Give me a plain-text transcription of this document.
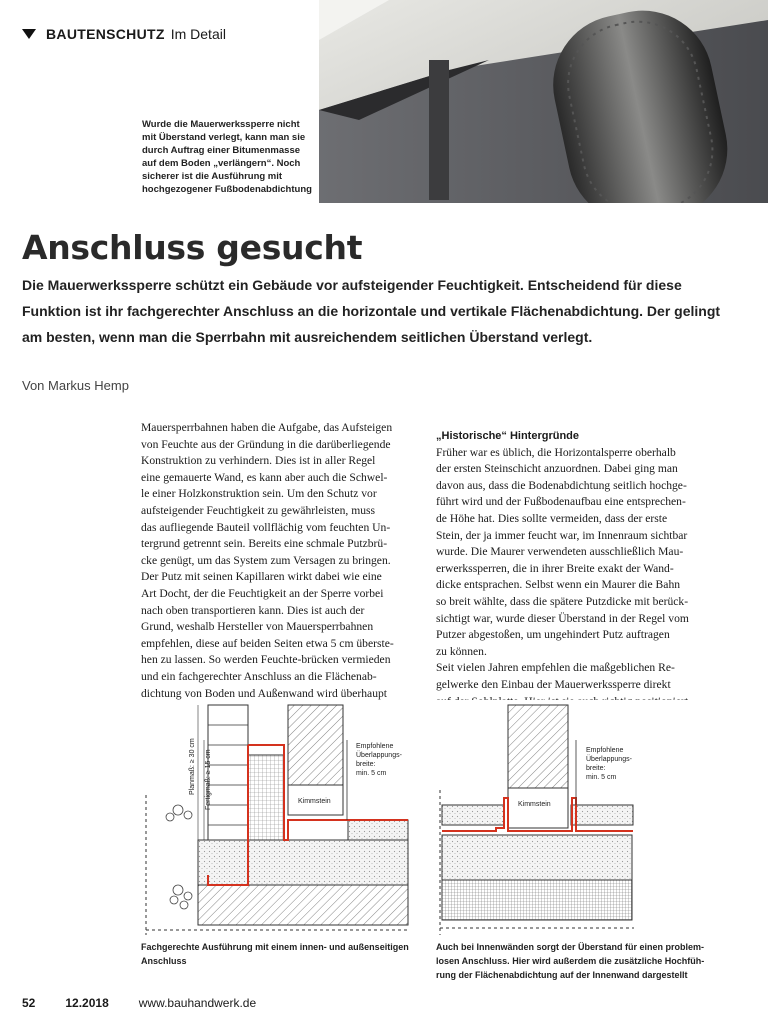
BAUTENSCHUTZ Im Detail
Wurde die Mauerwerkssperre nicht
mit Überstand verlegt, kann man sie
durch Auftrag einer Bitumenmasse
auf dem Boden „verlängern“. Noch
sicherer ist die Ausführung mit
hochgezogener Fußbodenabdichtung
Anschluss gesucht
Die Mauerwerkssperre schützt ein Gebäude vor aufsteigender Feuchtigkeit. Entscheidend für diese
Funktion ist ihr fachgerechter Anschluss an die horizontale und vertikale Flächenabdichtung. Der gelingt
am besten, wenn man die Sperrbahn mit ausreichendem seitlichen Überstand verlegt.
Von Markus Hemp
Mauersperrbahnen haben die Aufgabe, das Aufsteigen
von Feuchte aus der Gründung in die darüberliegende
Konstruktion zu verhindern. Dies ist in aller Regel
eine gemauerte Wand, es kann aber auch die Schwel-
le einer Holzkonstruktion sein. Um den Schutz vor
aufsteigender Feuchtigkeit zu gewährleisten, muss
das aufliegende Bauteil vollflächig vom feuchten Un-
tergrund getrennt sein. Bereits eine schmale Putzbrü-
cke genügt, um das System zum Versagen zu bringen.
Der Putz mit seinen Kapillaren wirkt dabei wie eine
Art Docht, der die Feuchtigkeit an der Sperre vorbei
nach oben transportieren kann. Dies ist auch der
Grund, weshalb Hersteller von Mauersperrbahnen
empfehlen, diese auf beiden Seiten etwa 5 cm überste-
hen zu lassen. So werden Feuchte-brücken vermieden
und ein fachgerechter Anschluss an die Flächenab-
dichtung von Boden und Außenwand wird überhaupt
„Historische“ Hintergründe
Früher war es üblich, die Horizontalsperre oberhalb
der ersten Steinschicht anzuordnen. Dabei ging man
davon aus, dass die Bodenabdichtung seitlich hochge-
führt wird und der Fußbodenaufbau eine entsprechen-
de Höhe hat. Dies sollte vermeiden, dass der erste
Stein, der ja immer feucht war, im Innenraum sichtbar
wurde. Die Maurer verwendeten ausschließlich Mau-
erwerkssperren, die in ihrer Breite exakt der Wand-
dicke entsprachen. Selbst wenn ein Maurer die Bahn
so breit wählte, dass die spätere Putzdicke mit berück-
sichtigt war, wurde dieser Überstand in der Regel vom
Putzer abgestoßen, um ungehindert Putz auftragen
zu können.
Seit vielen Jahren empfehlen die maßgeblichen Re-
gelwerke den Einbau der Mauerwerkssperre direkt
Kimmstein
Planmaß: ≥ 30 cm Fertigmaß: ≥ 15 cm
Empfohlene
Überlappungs-
breite:
min. 5 cm
Kimmstein
Empfohlene
Überlappungs-
breite:
min. 5 cm
Fachgerechte Ausführung mit einem innen- und außenseitigen
Anschluss
Auch bei Innenwänden sorgt der Überstand für einen problem-
losen Anschluss. Hier wird außerdem die zusätzliche Hochfüh-
rung der Flächenabdichtung auf der Innenwand dargestellt
52	12.2018	www.bauhandwerk.de
